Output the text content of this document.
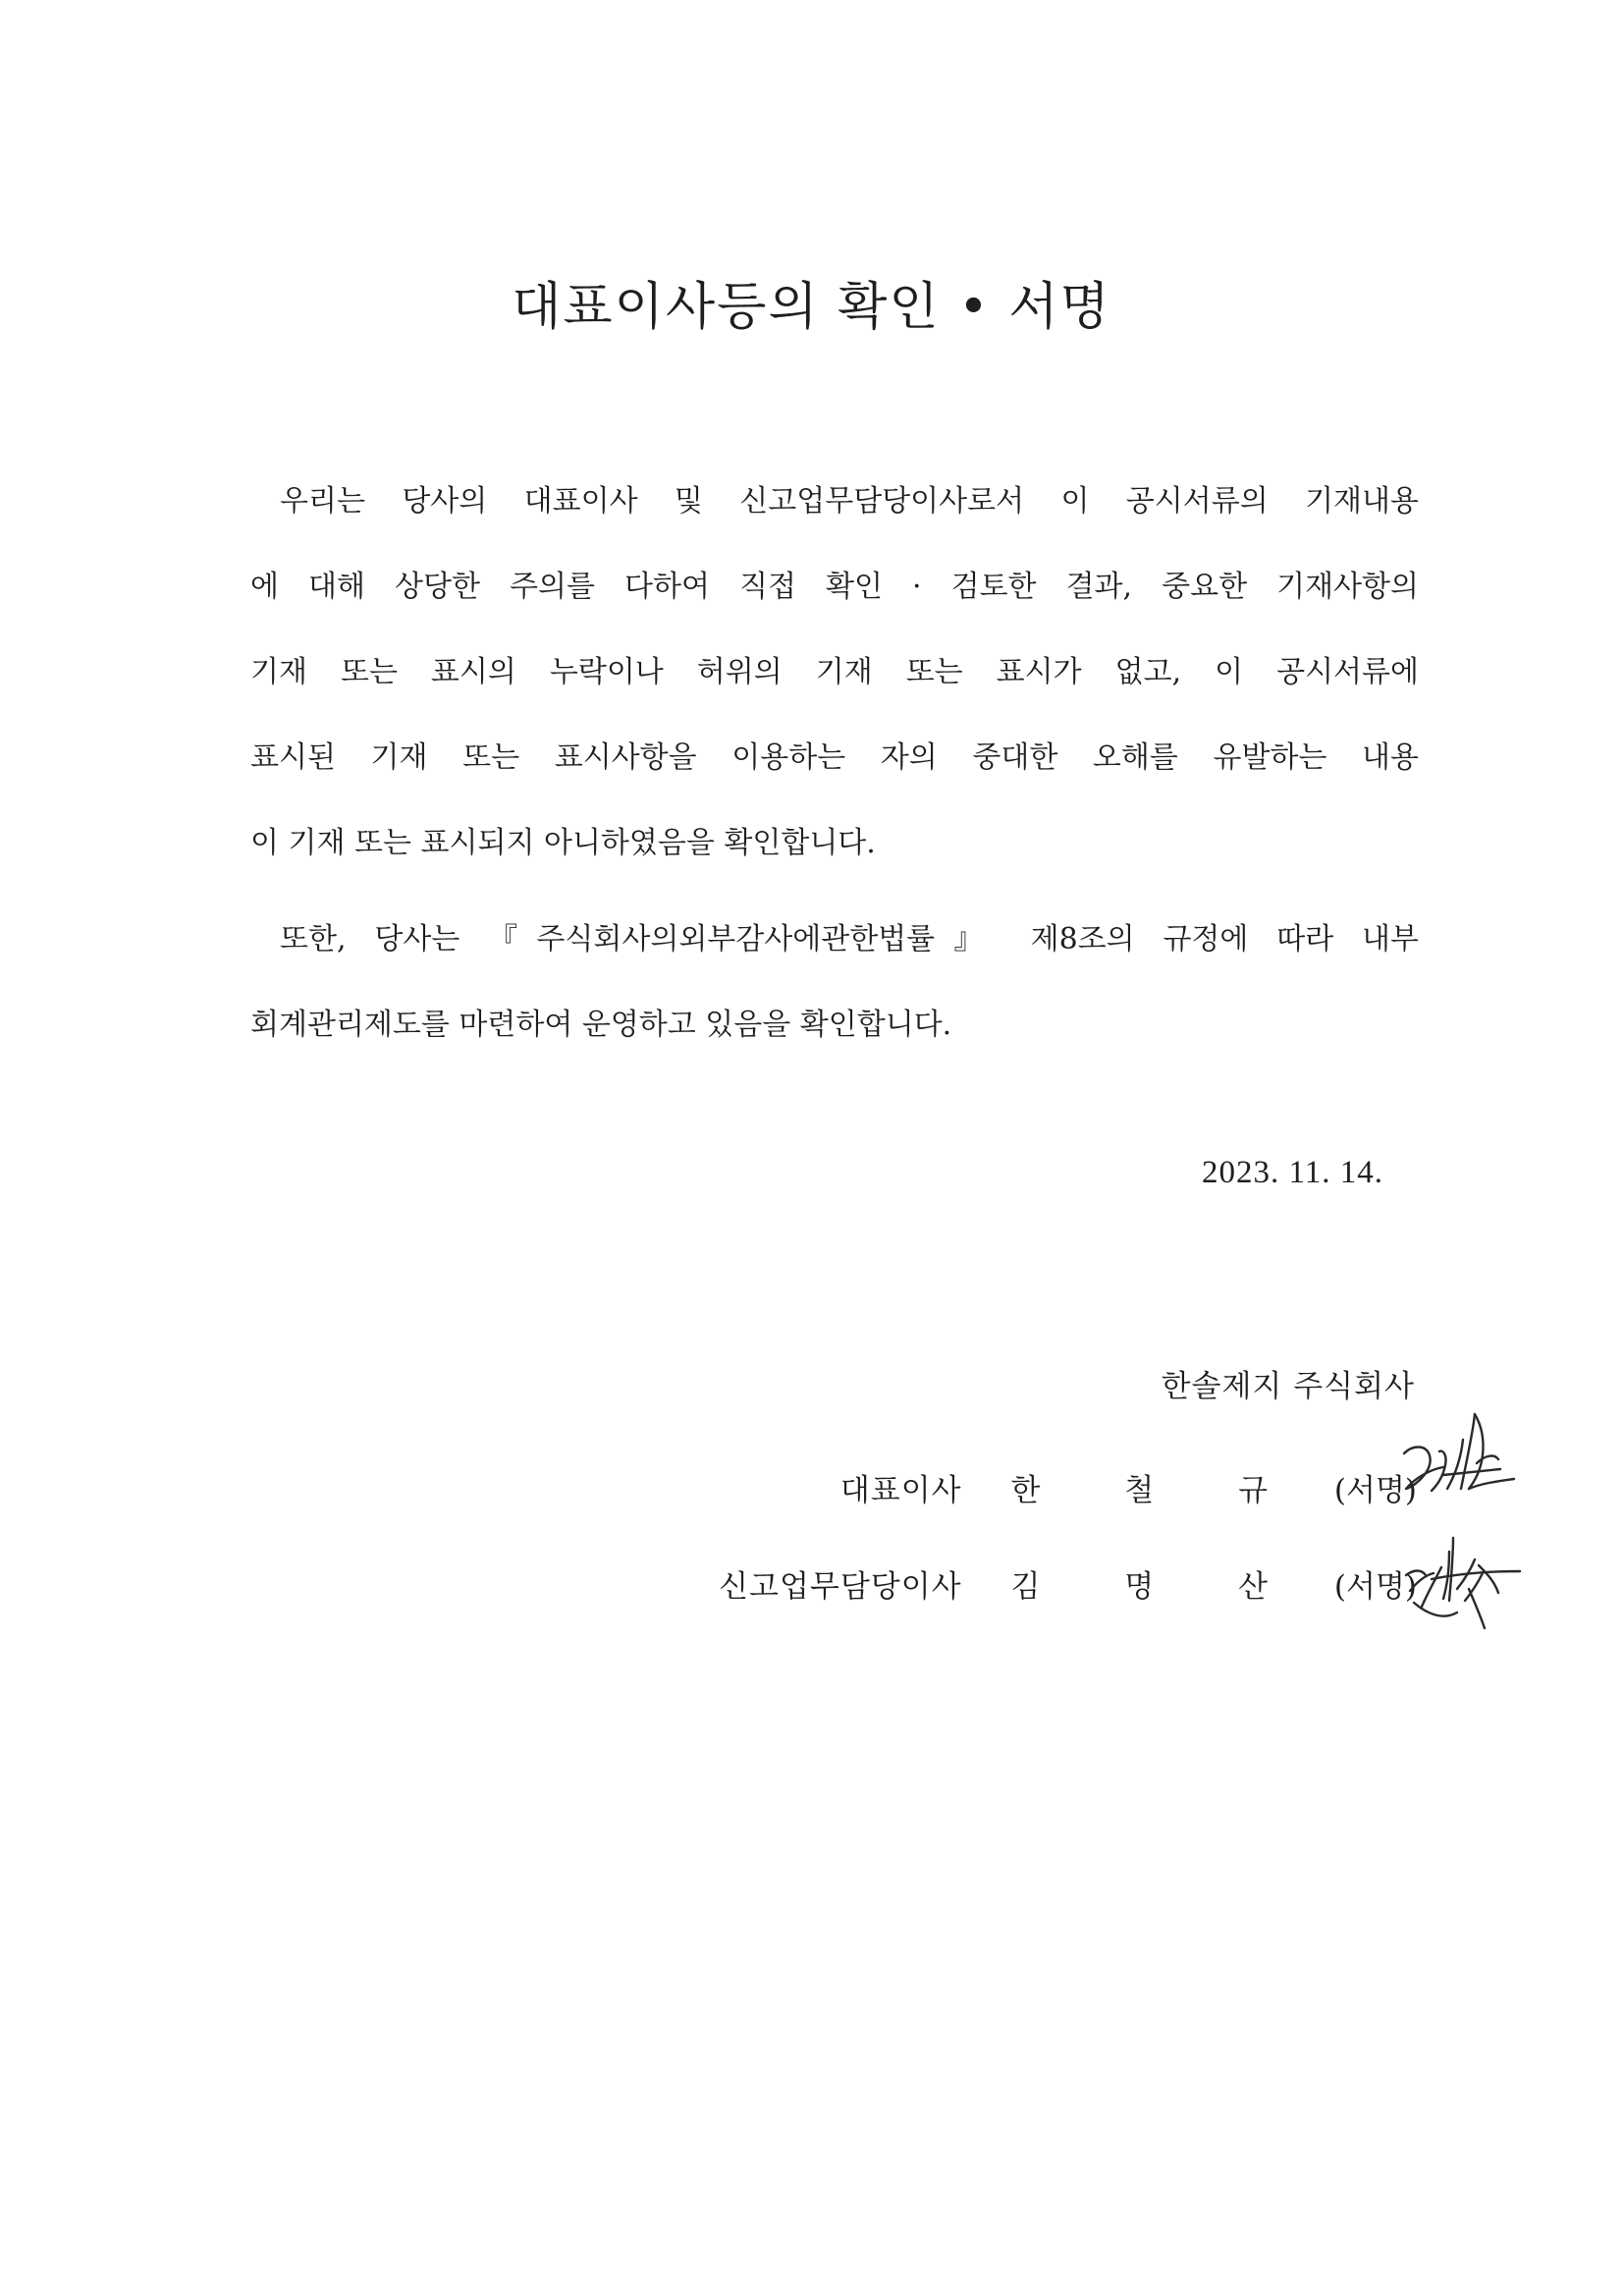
대표이사등의 확인 • 서명
우리는 당사의 대표이사 및 신고업무담당이사로서 이 공시서류의 기재내용
에 대해 상당한 주의를 다하여 직접 확인 · 검토한 결과, 중요한 기재사항의
기재 또는 표시의 누락이나 허위의 기재 또는 표시가 없고, 이 공시서류에
표시된 기재 또는 표시사항을 이용하는 자의 중대한 오해를 유발하는 내용
이 기재 또는 표시되지 아니하였음을 확인합니다.
또한, 당사는 『주식회사의외부감사에관한법률』 제8조의 규정에 따라 내부
회계관리제도를 마련하여 운영하고 있음을 확인합니다.
2023. 11. 14.
한솔제지 주식회사
대표이사 한 철 규 (서명)
신고업무담당이사 김 명 산 (서명)
